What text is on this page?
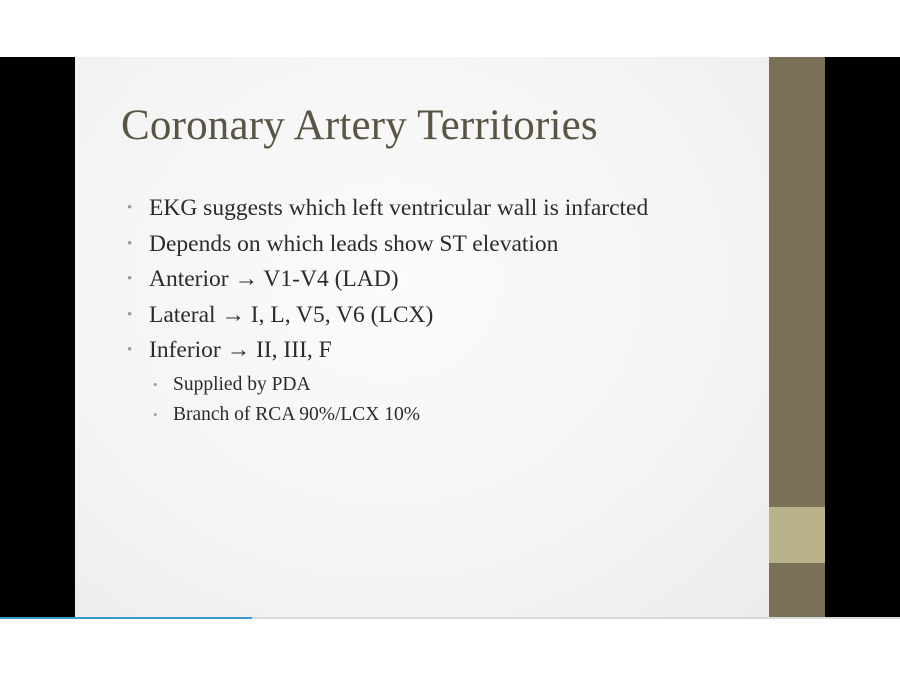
Coronary Artery Territories
• EKG suggests which left ventricular wall is infarcted
• Depends on which leads show ST elevation
• Anterior → V1-V4 (LAD)
• Lateral → I, L, V5, V6 (LCX)
• Inferior → II, III, F
• Supplied by PDA
• Branch of RCA 90%/LCX 10%
